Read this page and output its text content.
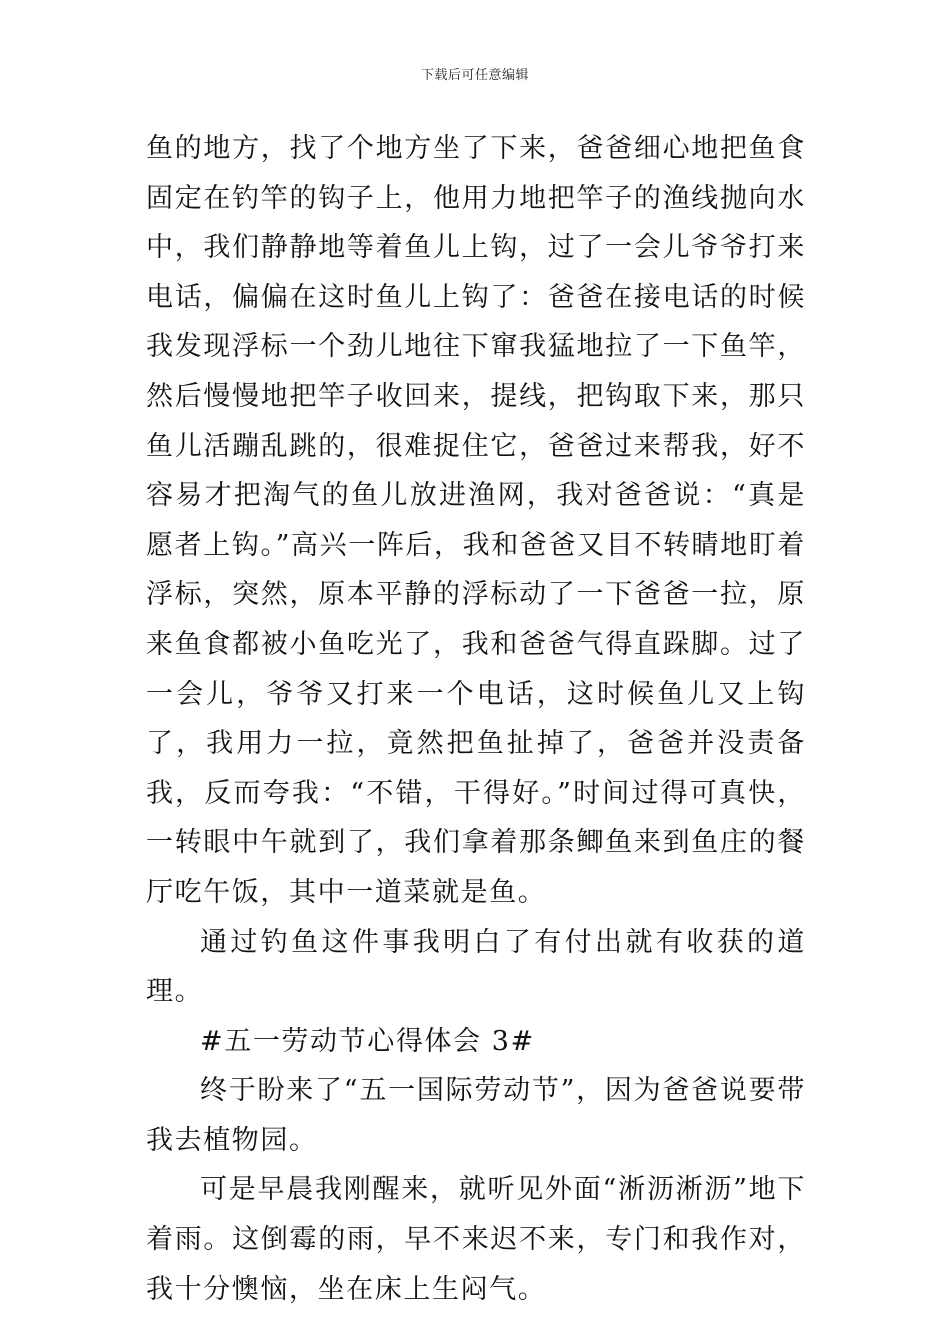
下载后可任意编辑

鱼的地方，找了个地方坐了下来，爸爸细心地把鱼食固定在钓竿的钩子上，他用力地把竿子的渔线抛向水中，我们静静地等着鱼儿上钩，过了一会儿爷爷打来电话，偏偏在这时鱼儿上钩了：爸爸在接电话的时候我发现浮标一个劲儿地往下窜我猛地拉了一下鱼竿，然后慢慢地把竿子收回来，提线，把钩取下来，那只鱼儿活蹦乱跳的，很难捉住它，爸爸过来帮我，好不容易才把淘气的鱼儿放进渔网，我对爸爸说：“真是愿者上钩。”高兴一阵后，我和爸爸又目不转睛地盯着浮标，突然，原本平静的浮标动了一下爸爸一拉，原来鱼食都被小鱼吃光了，我和爸爸气得直跺脚。过了一会儿，爷爷又打来一个电话，这时候鱼儿又上钩了，我用力一拉，竟然把鱼扯掉了，爸爸并没责备我，反而夸我：“不错，干得好。”时间过得可真快，一转眼中午就到了，我们拿着那条鲫鱼来到鱼庄的餐厅吃午饭，其中一道菜就是鱼。

通过钓鱼这件事我明白了有付出就有收获的道理。

#五一劳动节心得体会 3#

终于盼来了“五一国际劳动节”，因为爸爸说要带我去植物园。

可是早晨我刚醒来，就听见外面“淅沥淅沥”地下着雨。这倒霉的雨，早不来迟不来，专门和我作对，我十分懊恼，坐在床上生闷气。
